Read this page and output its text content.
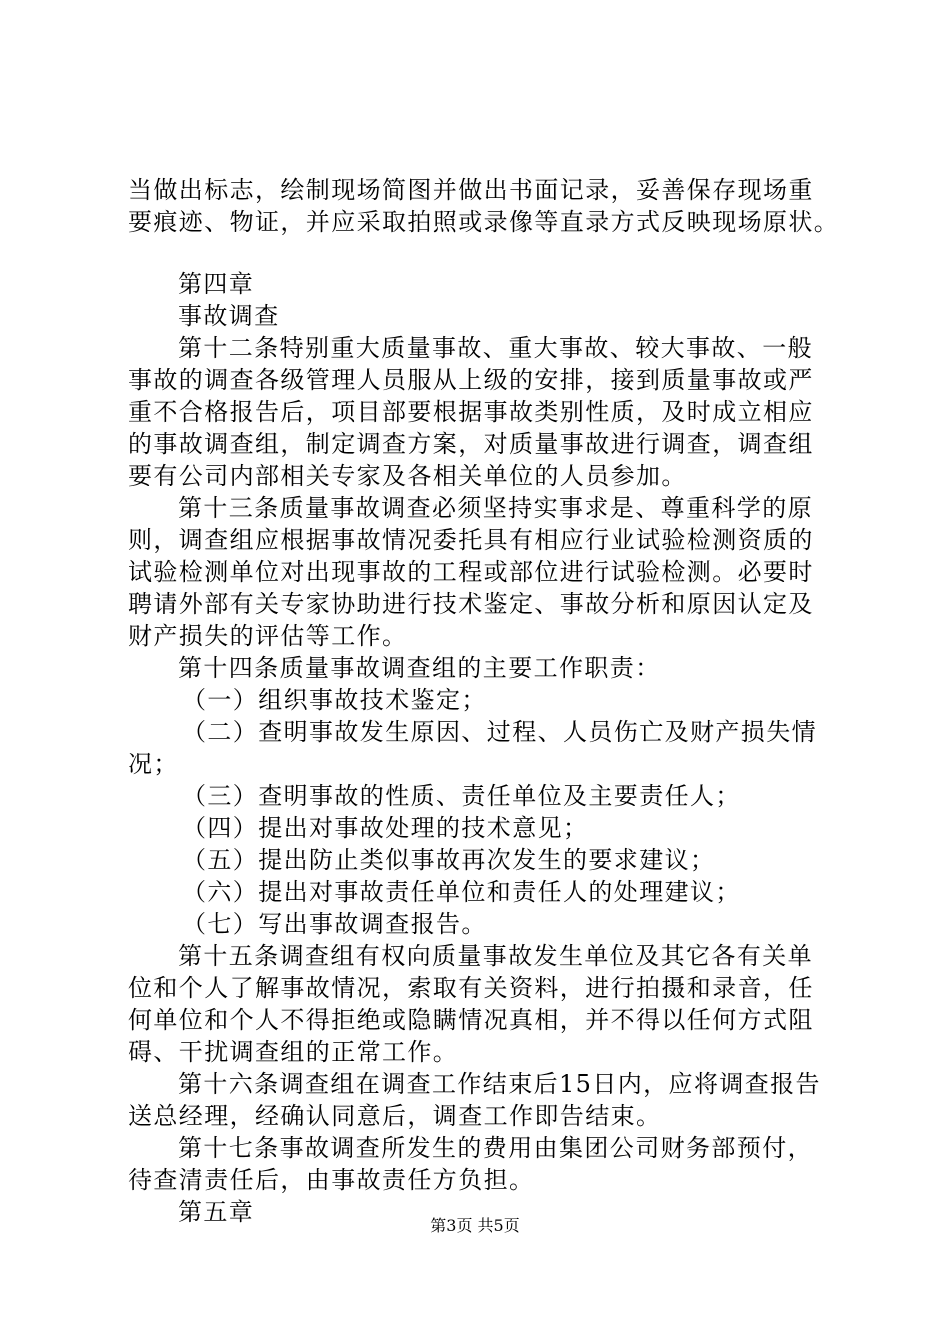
当做出标志，绘制现场简图并做出书面记录，妥善保存现场重
要痕迹、物证，并应采取拍照或录像等直录方式反映现场原状。
第四章
事故调查
第十二条特别重大质量事故、重大事故、较大事故、一般
事故的调查各级管理人员服从上级的安排，接到质量事故或严
重不合格报告后，项目部要根据事故类别性质，及时成立相应
的事故调查组，制定调查方案，对质量事故进行调查，调查组
要有公司内部相关专家及各相关单位的人员参加。
第十三条质量事故调查必须坚持实事求是、尊重科学的原
则，调查组应根据事故情况委托具有相应行业试验检测资质的
试验检测单位对出现事故的工程或部位进行试验检测。必要时
聘请外部有关专家协助进行技术鉴定、事故分析和原因认定及
财产损失的评估等工作。
第十四条质量事故调查组的主要工作职责：
（一）组织事故技术鉴定；
（二）查明事故发生原因、过程、人员伤亡及财产损失情
况；
（三）查明事故的性质、责任单位及主要责任人；
（四）提出对事故处理的技术意见；
（五）提出防止类似事故再次发生的要求建议；
（六）提出对事故责任单位和责任人的处理建议；
（七）写出事故调查报告。
第十五条调查组有权向质量事故发生单位及其它各有关单
位和个人了解事故情况，索取有关资料，进行拍摄和录音，任
何单位和个人不得拒绝或隐瞒情况真相，并不得以任何方式阻
碍、干扰调查组的正常工作。
第十六条调查组在调查工作结束后15日内，应将调查报告
送总经理，经确认同意后，调查工作即告结束。
第十七条事故调查所发生的费用由集团公司财务部预付，
待查清责任后，由事故责任方负担。
第五章	第3页 共5页
